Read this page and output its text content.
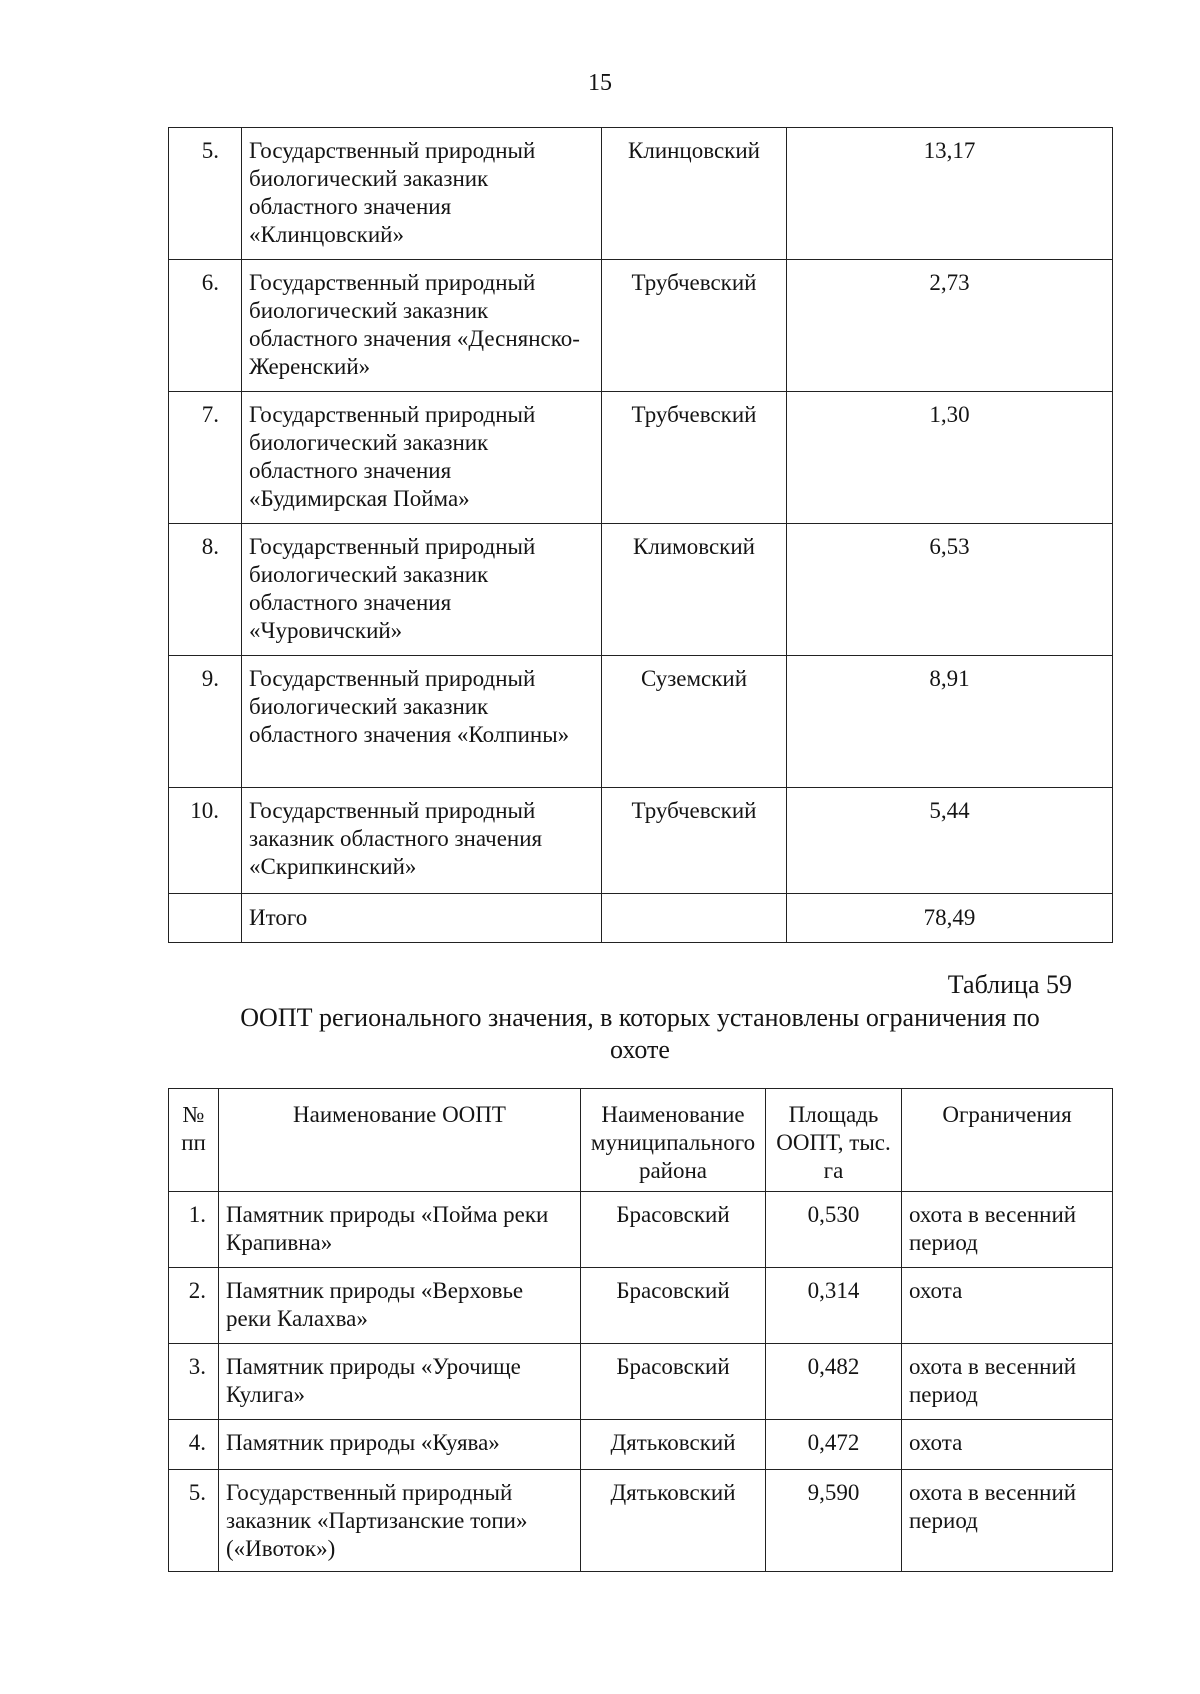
15
5.	Государственный природный биологический заказник областного значения «Клинцовский»	Клинцовский	13,17
6.	Государственный природный биологический заказник областного значения «Деснянско-Жеренский»	Трубчевский	2,73
7.	Государственный природный биологический заказник областного значения «Будимирская Пойма»	Трубчевский	1,30
8.	Государственный природный биологический заказник областного значения «Чуровичский»	Климовский	6,53
9.	Государственный природный биологический заказник областного значения «Колпины»	Суземский	8,91
10.	Государственный природный заказник областного значения «Скрипкинский»	Трубчевский	5,44
	Итого		78,49
Таблица 59
ООПТ регионального значения, в которых установлены ограничения по охоте
№ пп	Наименование ООПТ	Наименование муниципального района	Площадь ООПТ, тыс. га	Ограничения
1.	Памятник природы «Пойма реки Крапивна»	Брасовский	0,530	охота в весенний период
2.	Памятник природы «Верховье реки Калахва»	Брасовский	0,314	охота
3.	Памятник природы «Урочище Кулига»	Брасовский	0,482	охота в весенний период
4.	Памятник природы «Куява»	Дятьковский	0,472	охота
5.	Государственный природный заказник «Партизанские топи» («Ивоток»)	Дятьковский	9,590	охота в весенний период
